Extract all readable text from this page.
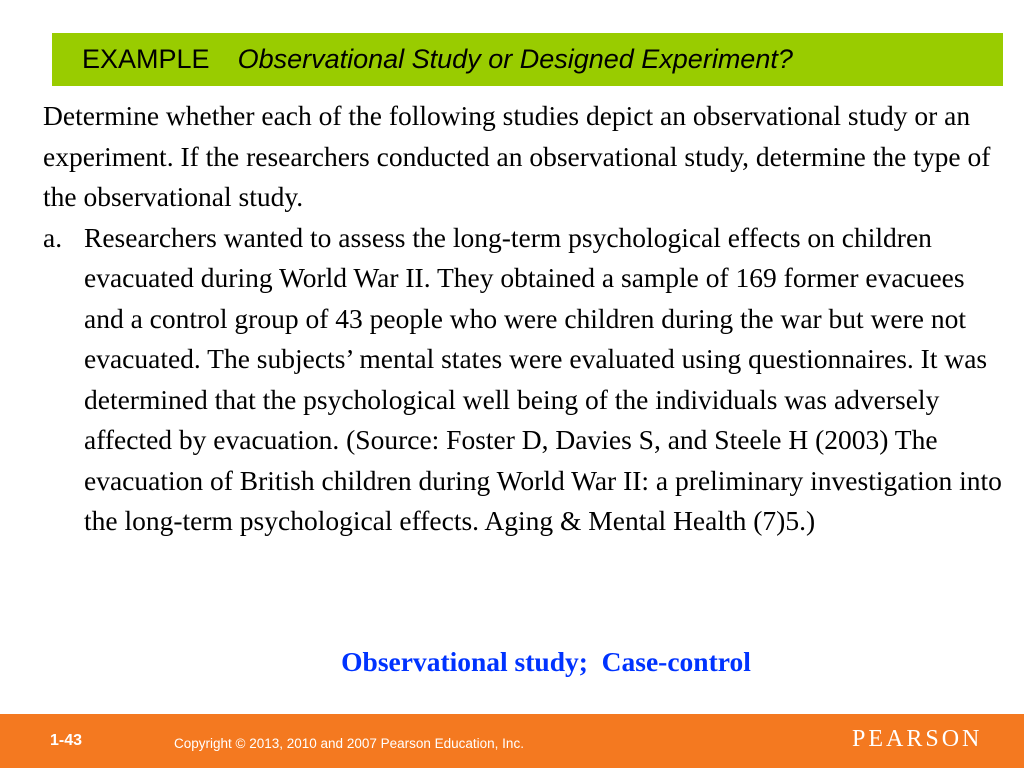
EXAMPLE Observational Study or Designed Experiment?

Determine whether each of the following studies depict an observational study or an experiment. If the researchers conducted an observational study, determine the type of the observational study.

a. Researchers wanted to assess the long-term psychological effects on children evacuated during World War II. They obtained a sample of 169 former evacuees and a control group of 43 people who were children during the war but were not evacuated. The subjects’ mental states were evaluated using questionnaires. It was determined that the psychological well being of the individuals was adversely affected by evacuation. (Source: Foster D, Davies S, and Steele H (2003) The evacuation of British children during World War II: a preliminary investigation into the long-term psychological effects. Aging & Mental Health (7)5.)
Observational study;  Case-control
1-43	Copyright © 2013, 2010 and 2007 Pearson Education, Inc.	PEARSON
